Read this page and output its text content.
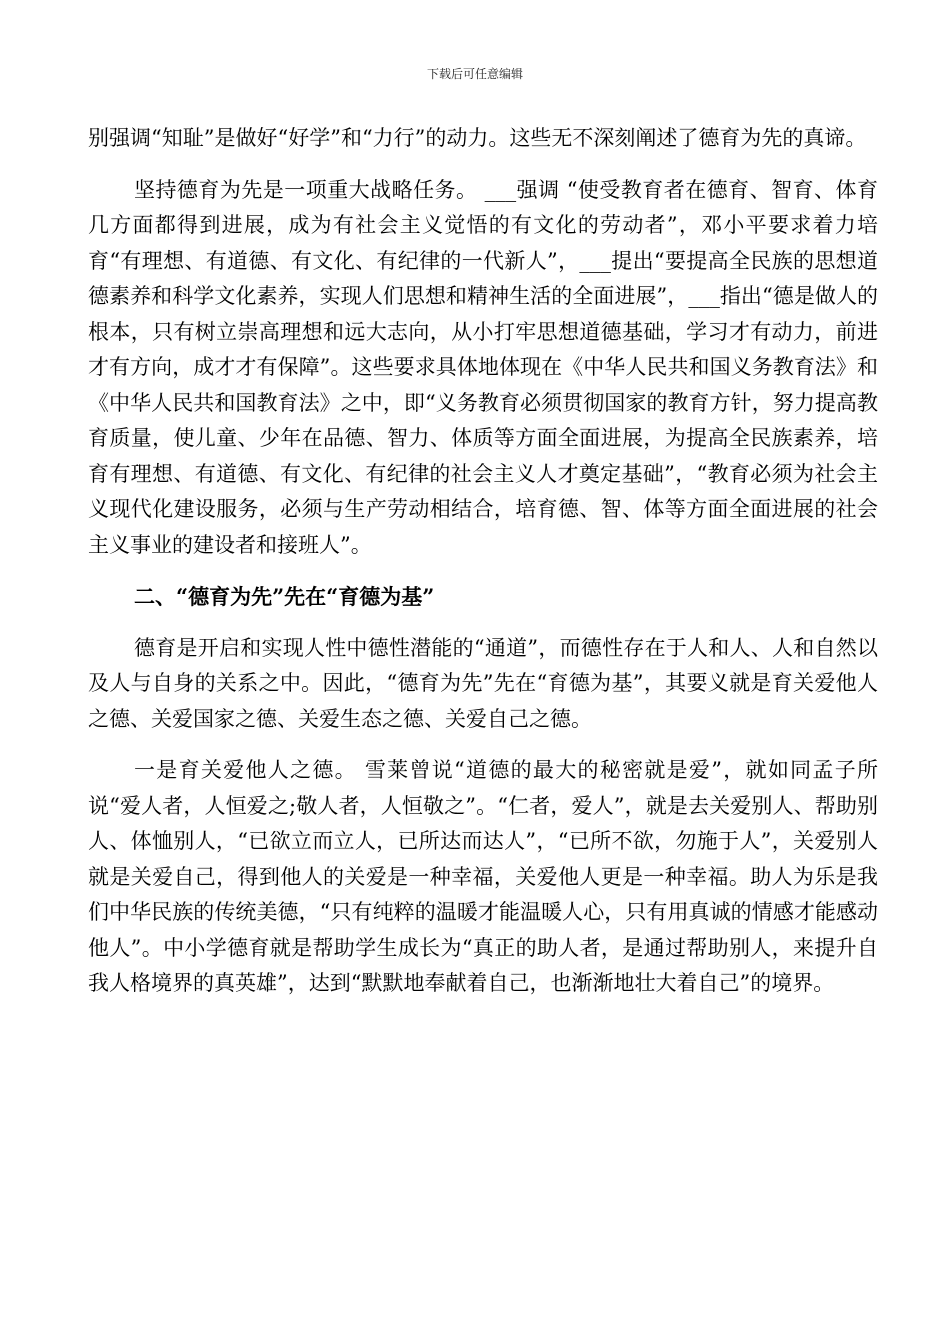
下载后可任意编辑

别强调“知耻”是做好“好学”和“力行”的动力。这些无不深刻阐述了德育为先的真谛。

坚持德育为先是一项重大战略任务。 ___强调 “使受教育者在德育、智育、体育几方面都得到进展，成为有社会主义觉悟的有文化的劳动者”，邓小平要求着力培育“有理想、有道德、有文化、有纪律的一代新人”，___提出“要提高全民族的思想道德素养和科学文化素养，实现人们思想和精神生活的全面进展”，___指出“德是做人的根本，只有树立崇高理想和远大志向，从小打牢思想道德基础，学习才有动力，前进才有方向，成才才有保障”。这些要求具体地体现在《中华人民共和国义务教育法》和《中华人民共和国教育法》之中，即“义务教育必须贯彻国家的教育方针，努力提高教育质量，使儿童、少年在品德、智力、体质等方面全面进展，为提高全民族素养，培育有理想、有道德、有文化、有纪律的社会主义人才奠定基础”，“教育必须为社会主义现代化建设服务，必须与生产劳动相结合，培育德、智、体等方面全面进展的社会主义事业的建设者和接班人”。

二、“德育为先”先在“育德为基”

德育是开启和实现人性中德性潜能的“通道”，而德性存在于人和人、人和自然以及人与自身的关系之中。因此，“德育为先”先在“育德为基”，其要义就是育关爱他人之德、关爱国家之德、关爱生态之德、关爱自己之德。

一是育关爱他人之德。 雪莱曾说“道德的最大的秘密就是爱”，就如同孟子所说“爱人者，人恒爱之;敬人者，人恒敬之”。“仁者，爱人”，就是去关爱别人、帮助别人、体恤别人，“已欲立而立人，已所达而达人”，“已所不欲，勿施于人”，关爱别人就是关爱自己，得到他人的关爱是一种幸福，关爱他人更是一种幸福。助人为乐是我们中华民族的传统美德，“只有纯粹的温暖才能温暖人心，只有用真诚的情感才能感动他人”。中小学德育就是帮助学生成长为“真正的助人者，是通过帮助别人，来提升自我人格境界的真英雄”，达到“默默地奉献着自己，也渐渐地壮大着自己”的境界。
